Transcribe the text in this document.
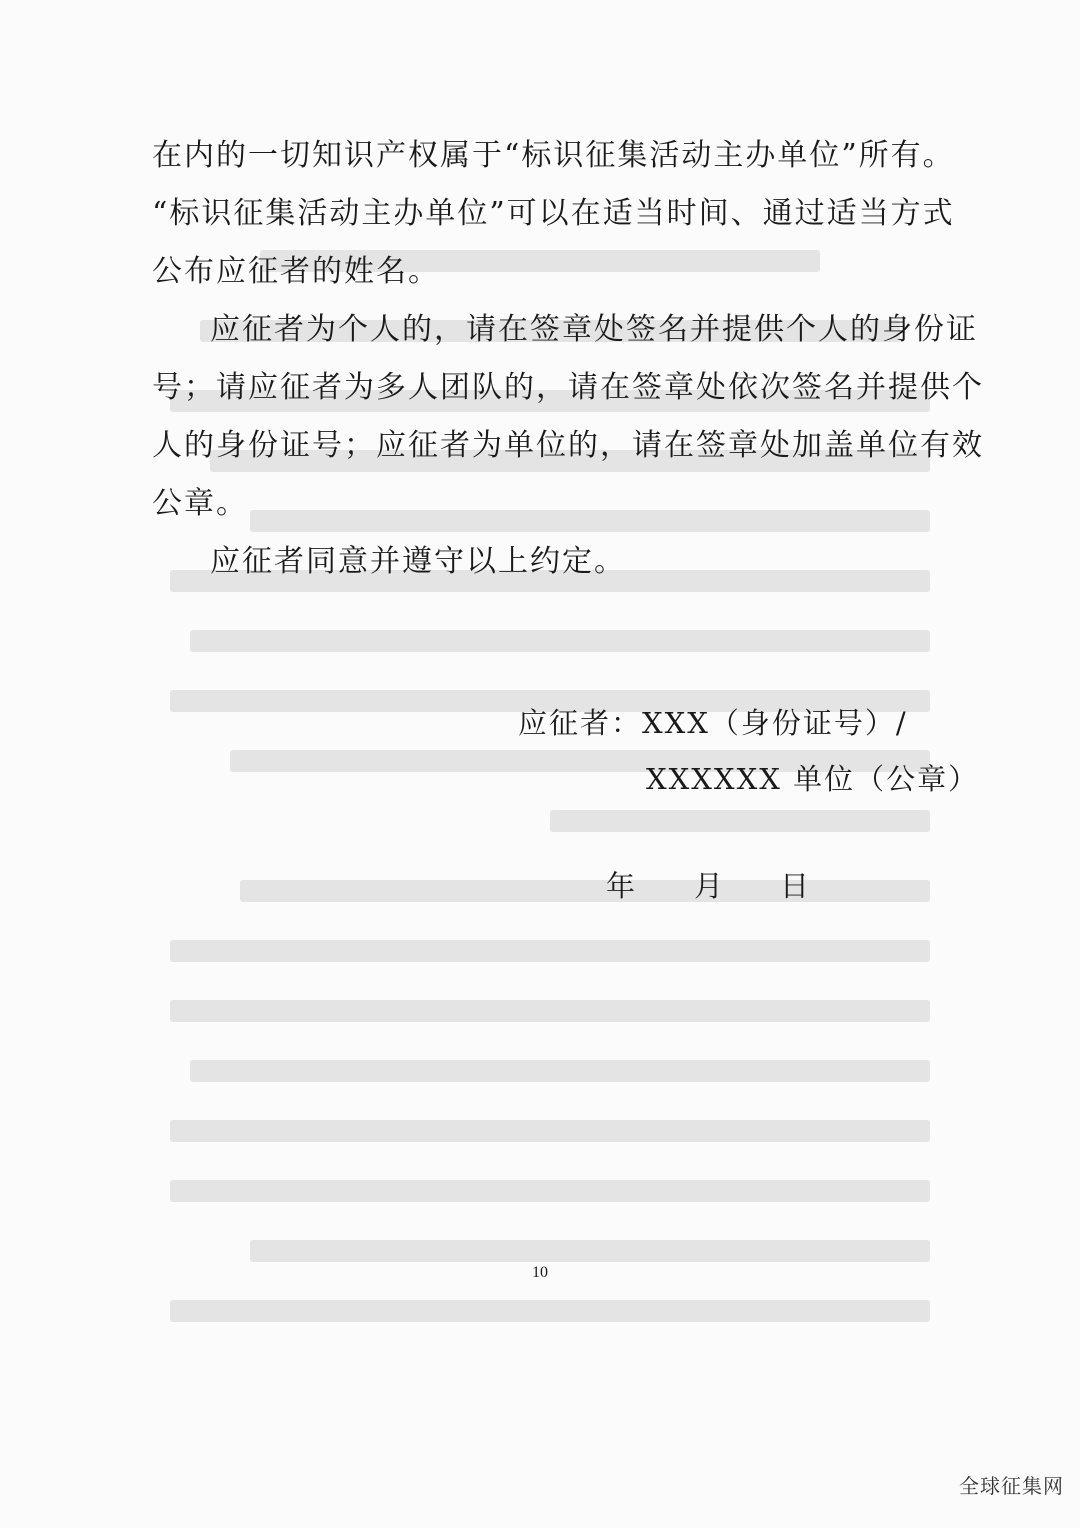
在内的一切知识产权属于“标识征集活动主办单位”所有。
“标识征集活动主办单位”可以在适当时间、通过适当方式
公布应征者的姓名。
应征者为个人的，请在签章处签名并提供个人的身份证
号；请应征者为多人团队的，请在签章处依次签名并提供个
人的身份证号；应征者为单位的，请在签章处加盖单位有效
公章。
应征者同意并遵守以上约定。
应征者：XXX（身份证号）/
XXXXXX 单位（公章）
年 月 日
10
全球征集网
